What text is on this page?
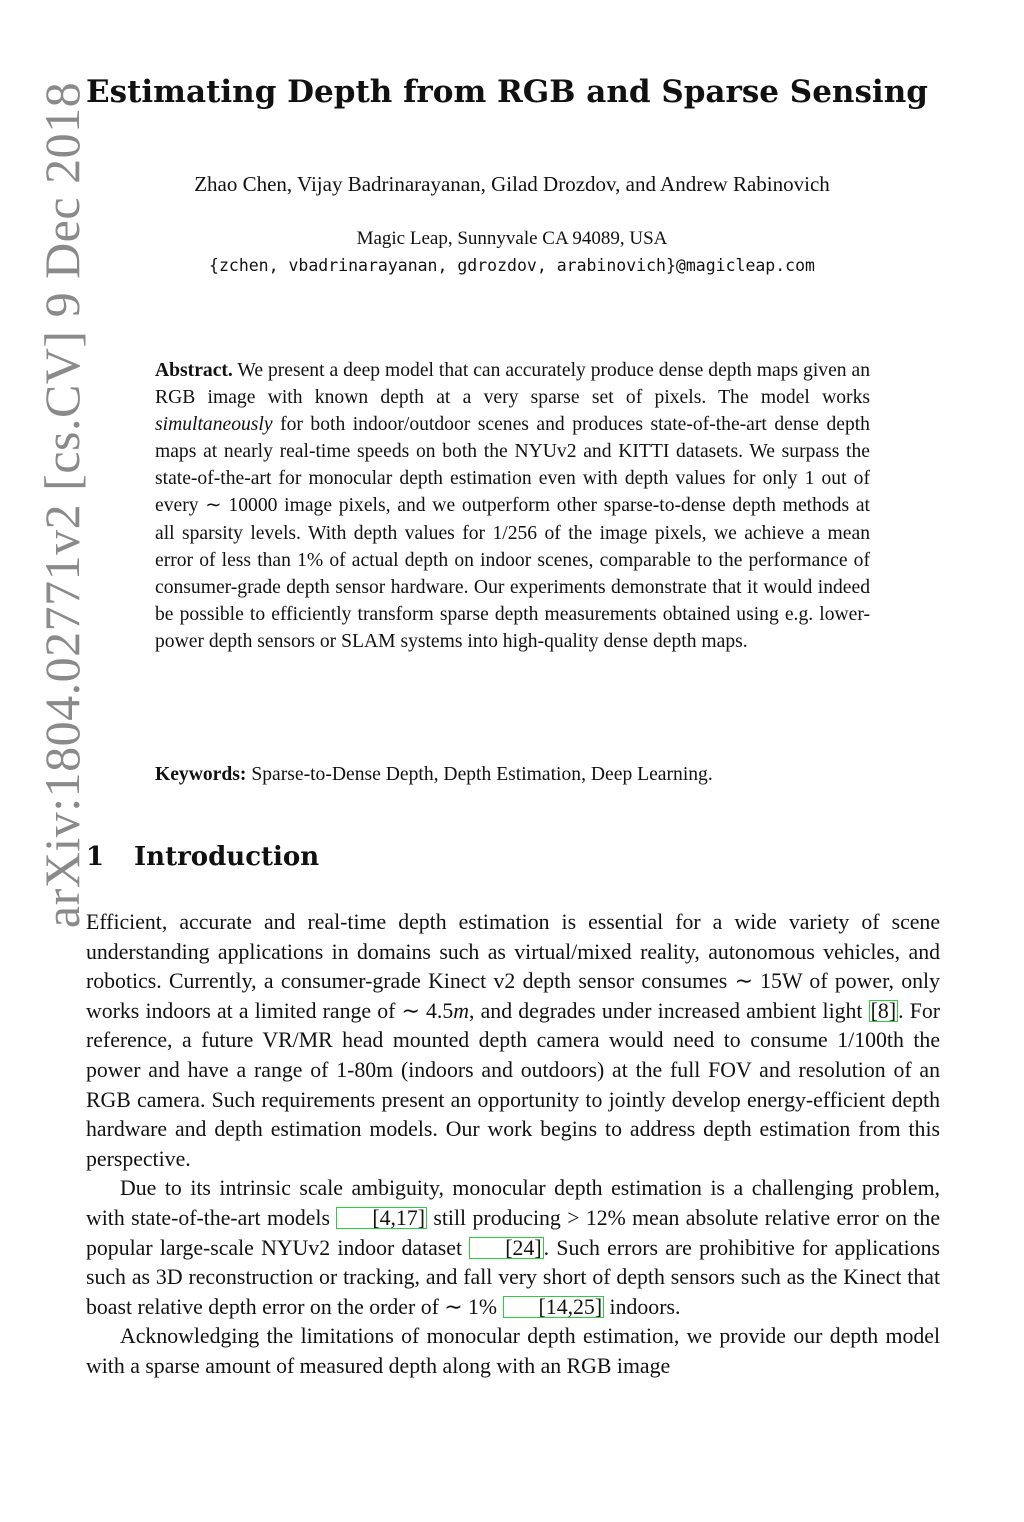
arXiv:1804.02771v2 [cs.CV] 9 Dec 2018
Estimating Depth from RGB and Sparse Sensing
Zhao Chen, Vijay Badrinarayanan, Gilad Drozdov, and Andrew Rabinovich
Magic Leap, Sunnyvale CA 94089, USA
{zchen, vbadrinarayanan, gdrozdov, arabinovich}@magicleap.com
Abstract. We present a deep model that can accurately produce dense depth maps given an RGB image with known depth at a very sparse set of pixels. The model works simultaneously for both indoor/outdoor scenes and produces state-of-the-art dense depth maps at nearly real-time speeds on both the NYUv2 and KITTI datasets. We surpass the state-of-the-art for monocular depth estimation even with depth values for only 1 out of every ∼ 10000 image pixels, and we outperform other sparse-to-dense depth methods at all sparsity levels. With depth values for 1/256 of the image pixels, we achieve a mean error of less than 1% of actual depth on indoor scenes, comparable to the performance of consumer-grade depth sensor hardware. Our experiments demonstrate that it would indeed be possible to efficiently transform sparse depth measurements obtained using e.g. lower-power depth sensors or SLAM systems into high-quality dense depth maps.
Keywords: Sparse-to-Dense Depth, Depth Estimation, Deep Learning.
1 Introduction

Efficient, accurate and real-time depth estimation is essential for a wide variety of scene understanding applications in domains such as virtual/mixed reality, autonomous vehicles, and robotics. Currently, a consumer-grade Kinect v2 depth sensor consumes ∼ 15W of power, only works indoors at a limited range of ∼ 4.5m, and degrades under increased ambient light [8]. For reference, a future VR/MR head mounted depth camera would need to consume 1/100th the power and have a range of 1-80m (indoors and outdoors) at the full FOV and resolution of an RGB camera. Such requirements present an opportunity to jointly develop energy-efficient depth hardware and depth estimation models. Our work begins to address depth estimation from this perspective.

Due to its intrinsic scale ambiguity, monocular depth estimation is a challenging problem, with state-of-the-art models [4,17] still producing > 12% mean absolute relative error on the popular large-scale NYUv2 indoor dataset [24]. Such errors are prohibitive for applications such as 3D reconstruction or tracking, and fall very short of depth sensors such as the Kinect that boast relative depth error on the order of ∼ 1% [14,25] indoors.

Acknowledging the limitations of monocular depth estimation, we provide our depth model with a sparse amount of measured depth along with an RGB image
